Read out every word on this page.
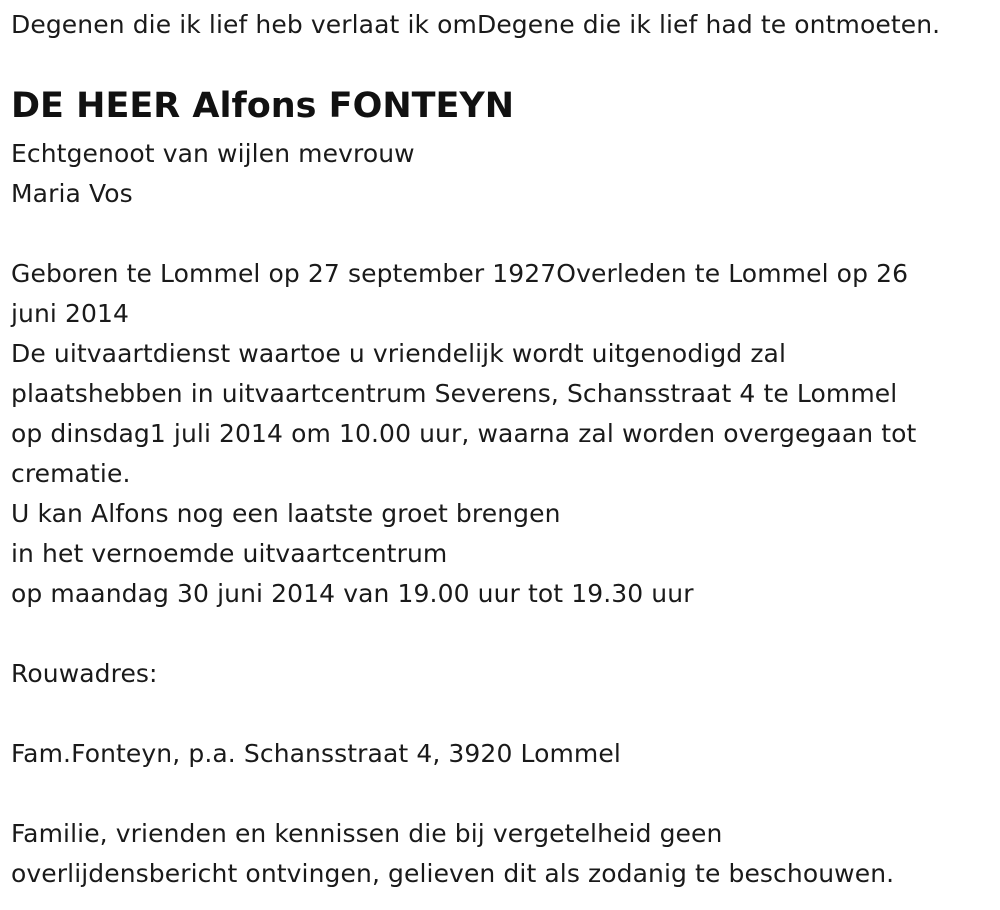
Degenen die ik lief heb verlaat ik omDegene die ik lief had te ontmoeten.
DE HEER Alfons FONTEYN
Echtgenoot van wijlen mevrouw
Maria Vos
Geboren te Lommel op 27 september 1927Overleden te Lommel op 26
juni 2014
De uitvaartdienst waartoe u vriendelijk wordt uitgenodigd zal
plaatshebben in uitvaartcentrum Severens, Schansstraat 4 te Lommel
op dinsdag1 juli 2014 om 10.00 uur, waarna zal worden overgegaan tot
crematie.
U kan Alfons nog een laatste groet brengen
in het vernoemde uitvaartcentrum
op maandag 30 juni 2014 van 19.00 uur tot 19.30 uur
Rouwadres:
Fam.Fonteyn, p.a. Schansstraat 4, 3920 Lommel
Familie, vrienden en kennissen die bij vergetelheid geen
overlijdensbericht ontvingen, gelieven dit als zodanig te beschouwen.
